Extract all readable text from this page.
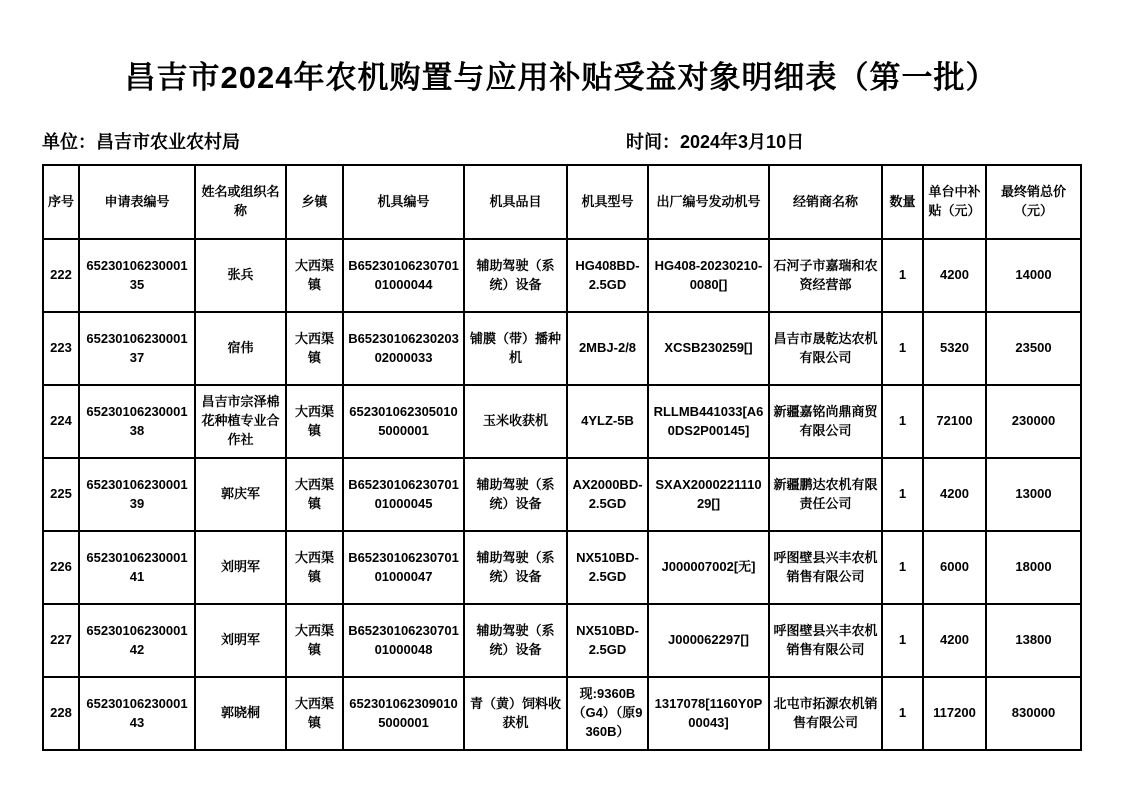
昌吉市2024年农机购置与应用补贴受益对象明细表（第一批）
单位：昌吉市农业农村局	时间：2024年3月10日
序号	申请表编号	姓名或组织名称	乡镇	机具编号	机具品目	机具型号	出厂编号发动机号	经销商名称	数量	单台中补贴（元）	最终销总价（元）

222	6523010623000135	张兵	大西渠镇	B6523010623070101000044	辅助驾驶（系统）设备	HG408BD-2.5GD	HG408-20230210-0080[]	石河子市嘉瑞和农资经营部	1	4200	14000

223	6523010623000137	宿伟	大西渠镇	B6523010623020302000033	铺膜（带）播种机	2MBJ-2/8	XCSB230259[]	昌吉市晟乾达农机有限公司	1	5320	23500

224	6523010623000138	昌吉市宗泽棉花种植专业合作社	大西渠镇	6523010623050105000001	玉米收获机	4YLZ-5B	RLLMB441033[A60DS2P00145]	新疆嘉铭尚鼎商贸有限公司	1	72100	230000

225	6523010623000139	郭庆军	大西渠镇	B6523010623070101000045	辅助驾驶（系统）设备	AX2000BD-2.5GD	SXAX200022111029[]	新疆鹏达农机有限责任公司	1	4200	13000

226	6523010623000141	刘明军	大西渠镇	B6523010623070101000047	辅助驾驶（系统）设备	NX510BD-2.5GD	J000007002[无]	呼图壁县兴丰农机销售有限公司	1	6000	18000

227	6523010623000142	刘明军	大西渠镇	B6523010623070101000048	辅助驾驶（系统）设备	NX510BD-2.5GD	J000062297[]	呼图壁县兴丰农机销售有限公司	1	4200	13800

228	6523010623000143	郭晓桐	大西渠镇	6523010623090105000001	青（黄）饲料收获机	现:9360B（G4）（原9360B）	1317078[1160Y0P00043]	北屯市拓源农机销售有限公司	1	117200	830000
